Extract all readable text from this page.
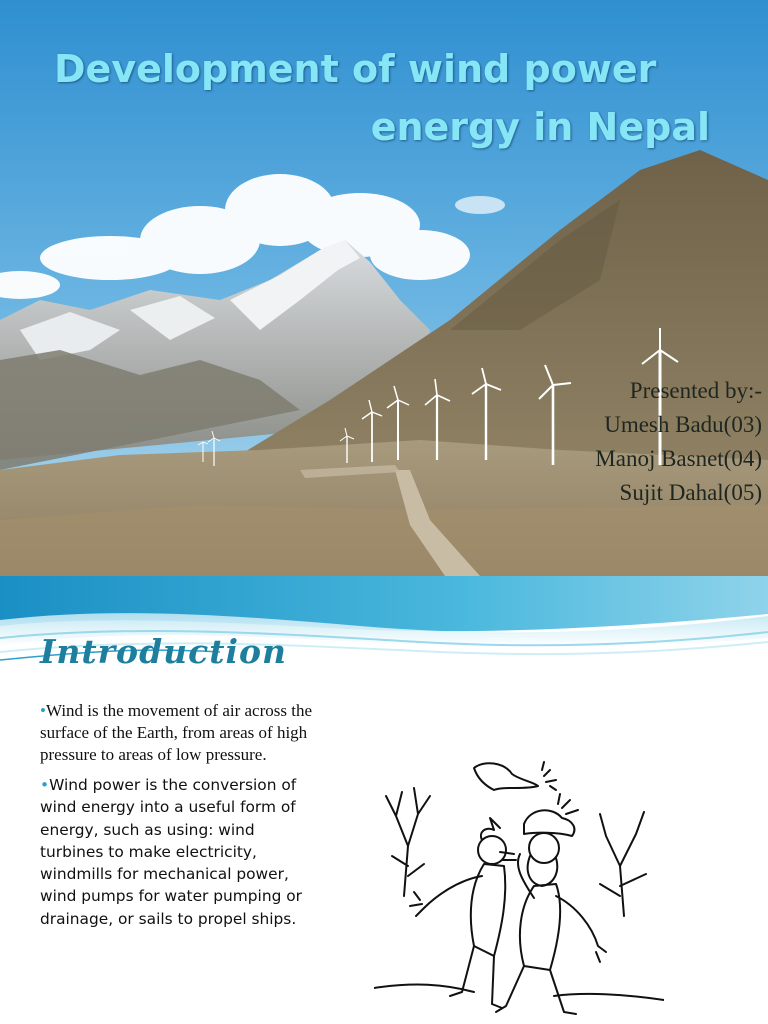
Development of wind power
energy in Nepal
Presented by:-
Umesh Badu(03)
Manoj Basnet(04)
Sujit Dahal(05)
Introduction

•Wind is the movement of air across the surface of the Earth, from areas of high pressure to areas of low pressure.

•Wind power is the conversion of wind energy into a useful form of energy, such as using: wind turbines to make electricity, windmills for mechanical power, wind pumps for water pumping or drainage, or sails to propel ships.
